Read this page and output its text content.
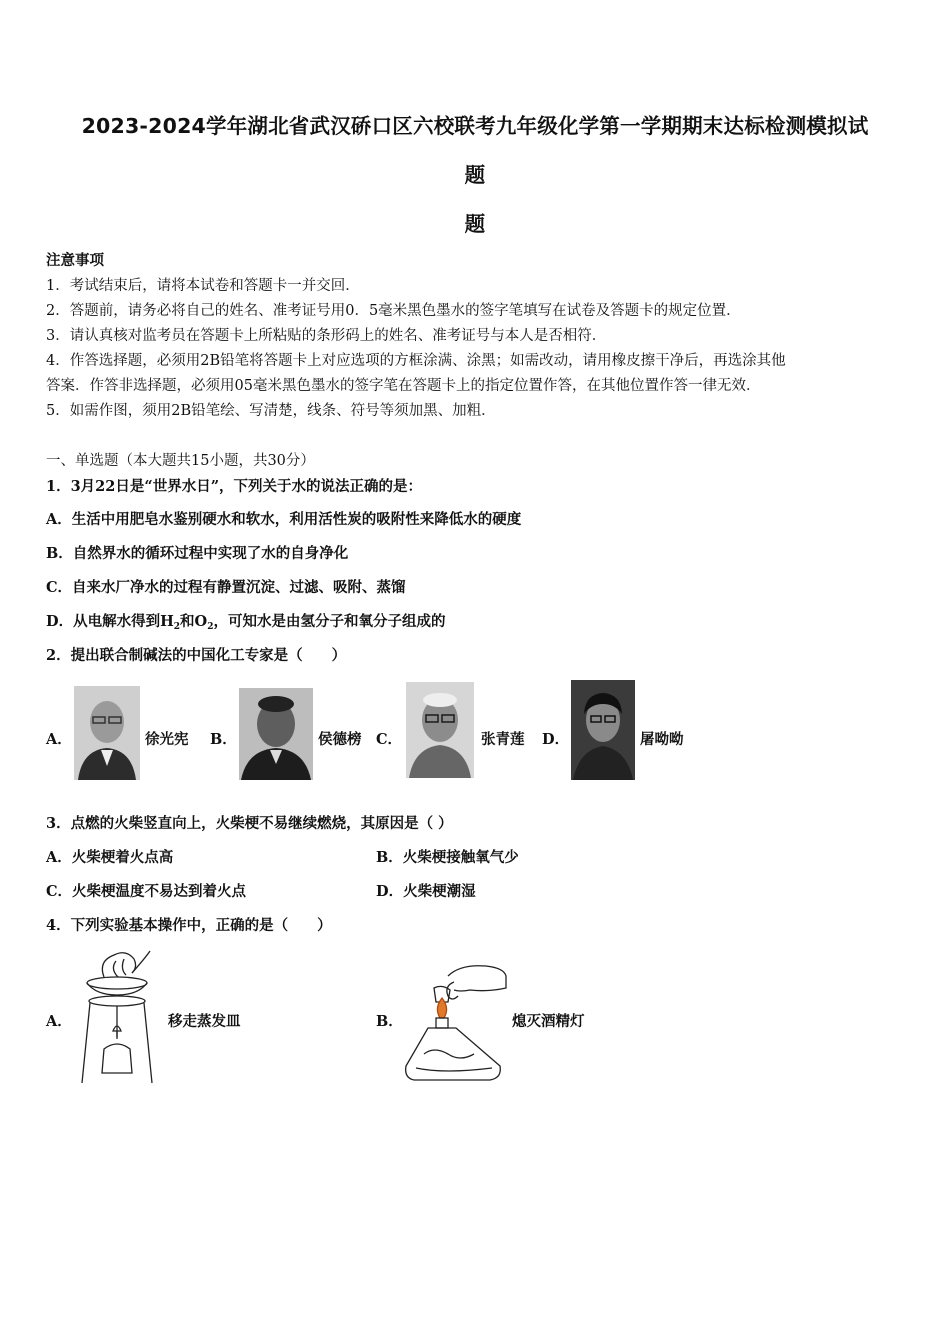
2023-2024学年湖北省武汉硚口区六校联考九年级化学第一学期期末达标检测模拟试
题
题
注意事项
1．考试结束后，请将本试卷和答题卡一并交回．
2．答题前，请务必将自己的姓名、准考证号用0．5毫米黑色墨水的签字笔填写在试卷及答题卡的规定位置．
3．请认真核对监考员在答题卡上所粘贴的条形码上的姓名、准考证号与本人是否相符．
4．作答选择题，必须用2B铅笔将答题卡上对应选项的方框涂满、涂黑；如需改动，请用橡皮擦干净后，再选涂其他
答案．作答非选择题，必须用05毫米黑色墨水的签字笔在答题卡上的指定位置作答，在其他位置作答一律无效．
5．如需作图，须用2B铅笔绘、写清楚，线条、符号等须加黑、加粗．
一、单选题（本大题共15小题，共30分）
1．3月22日是“世界水日”，下列关于水的说法正确的是：
A．生活中用肥皂水鉴别硬水和软水，利用活性炭的吸附性来降低水的硬度
B．自然界水的循环过程中实现了水的自身净化
C．自来水厂净水的过程有静置沉淀、过滤、吸附、蒸馏
D．从电解水得到$H_2$和$O_2$，可知水是由氢分子和氧分子组成的
2．提出联合制碱法的中国化工专家是（　　）
A．	徐光宪 B．	侯德榜 C．	张青莲 D．	屠呦呦
3．点燃的火柴竖直向上，火柴梗不易继续燃烧，其原因是（ ）
A．火柴梗着火点高	B．火柴梗接触氧气少
C．火柴梗温度不易达到着火点	D．火柴梗潮湿
4．下列实验基本操作中，正确的是（　　）
A．	移走蒸发皿	B．	熄灭酒精灯
